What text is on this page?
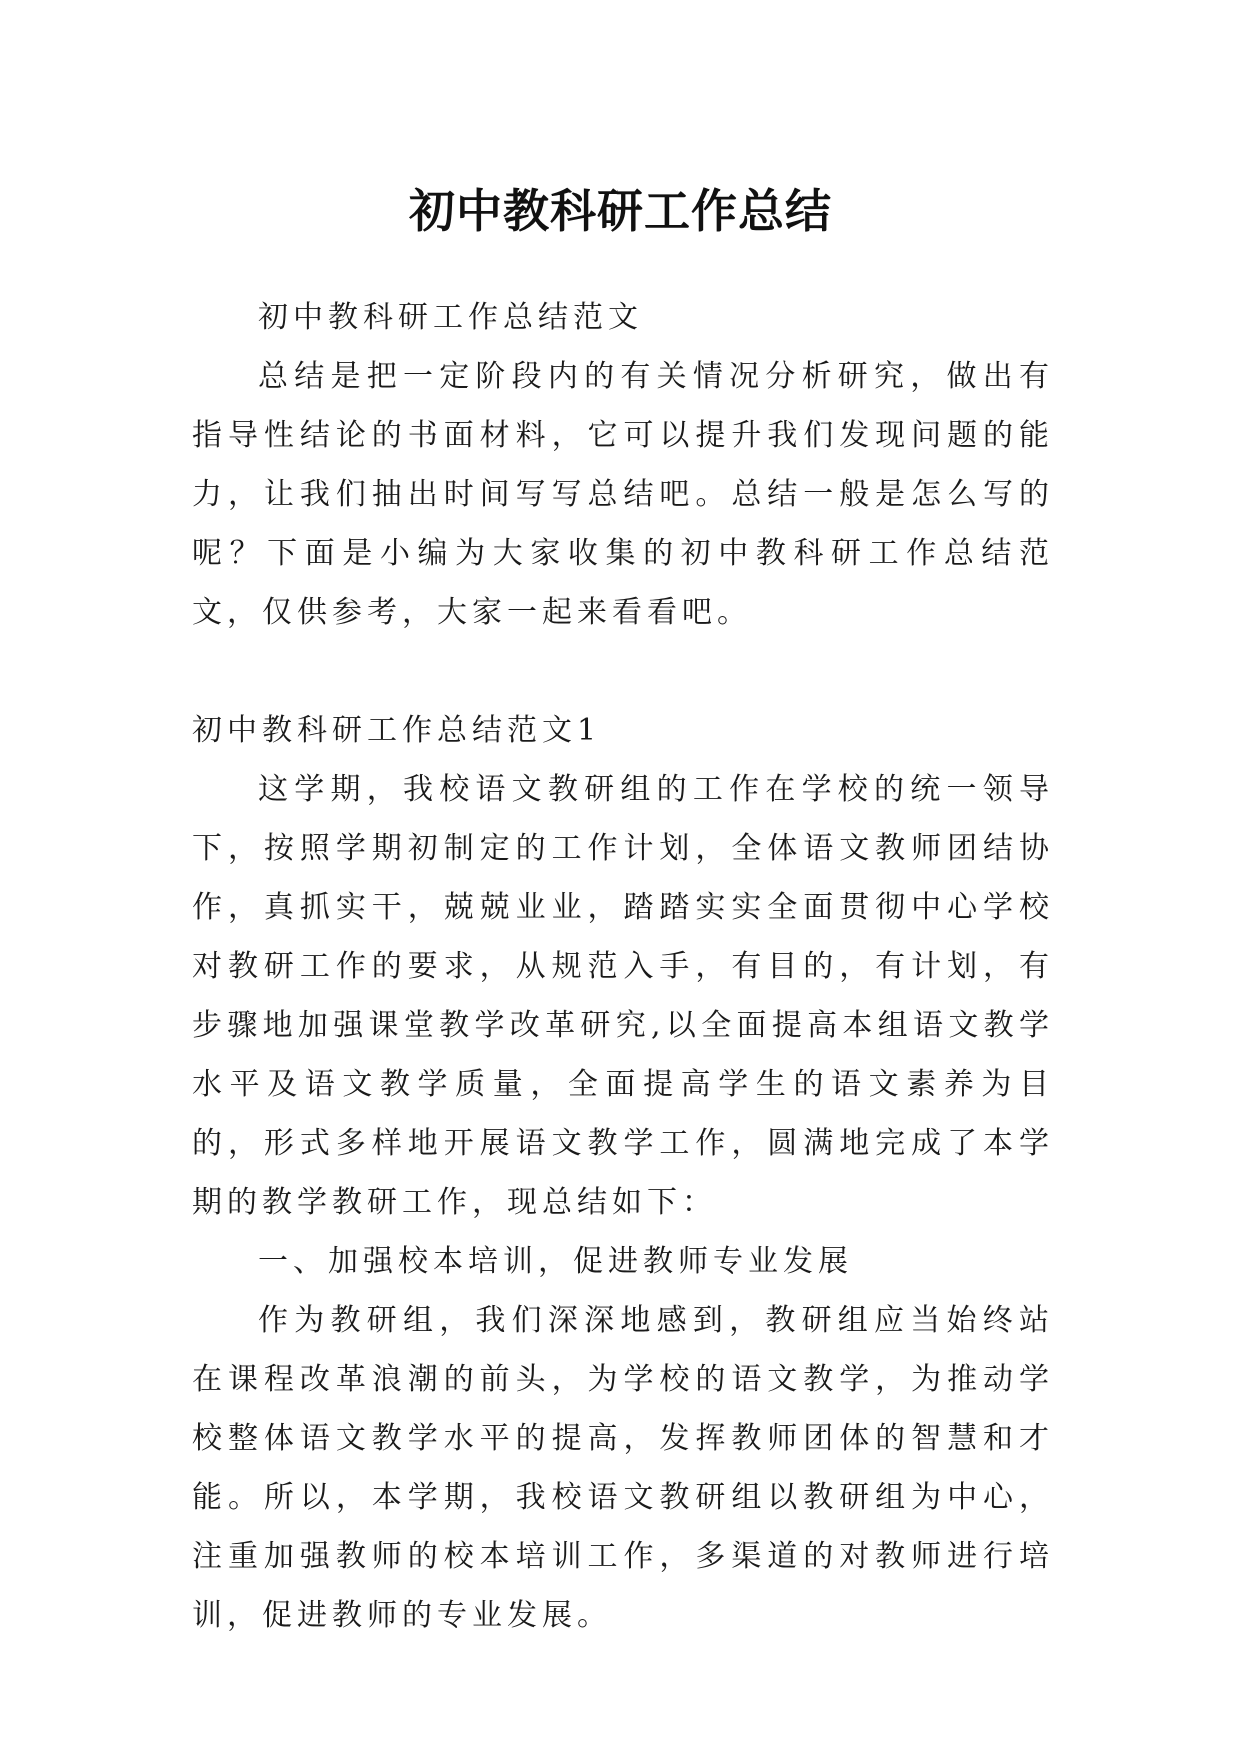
初中教科研工作总结

初中教科研工作总结范文

总结是把一定阶段内的有关情况分析研究，做出有指导性结论的书面材料，它可以提升我们发现问题的能力，让我们抽出时间写写总结吧。总结一般是怎么写的呢？下面是小编为大家收集的初中教科研工作总结范文，仅供参考，大家一起来看看吧。

初中教科研工作总结范文1

这学期，我校语文教研组的工作在学校的统一领导下，按照学期初制定的工作计划，全体语文教师团结协作，真抓实干，兢兢业业，踏踏实实全面贯彻中心学校对教研工作的要求，从规范入手，有目的，有计划，有步骤地加强课堂教学改革研究,以全面提高本组语文教学水平及语文教学质量，全面提高学生的语文素养为目的，形式多样地开展语文教学工作，圆满地完成了本学期的教学教研工作，现总结如下：

一、加强校本培训，促进教师专业发展

作为教研组，我们深深地感到，教研组应当始终站在课程改革浪潮的前头，为学校的语文教学，为推动学校整体语文教学水平的提高，发挥教师团体的智慧和才能。所以，本学期，我校语文教研组以教研组为中心，注重加强教师的校本培训工作，多渠道的对教师进行培训，促进教师的专业发展。
